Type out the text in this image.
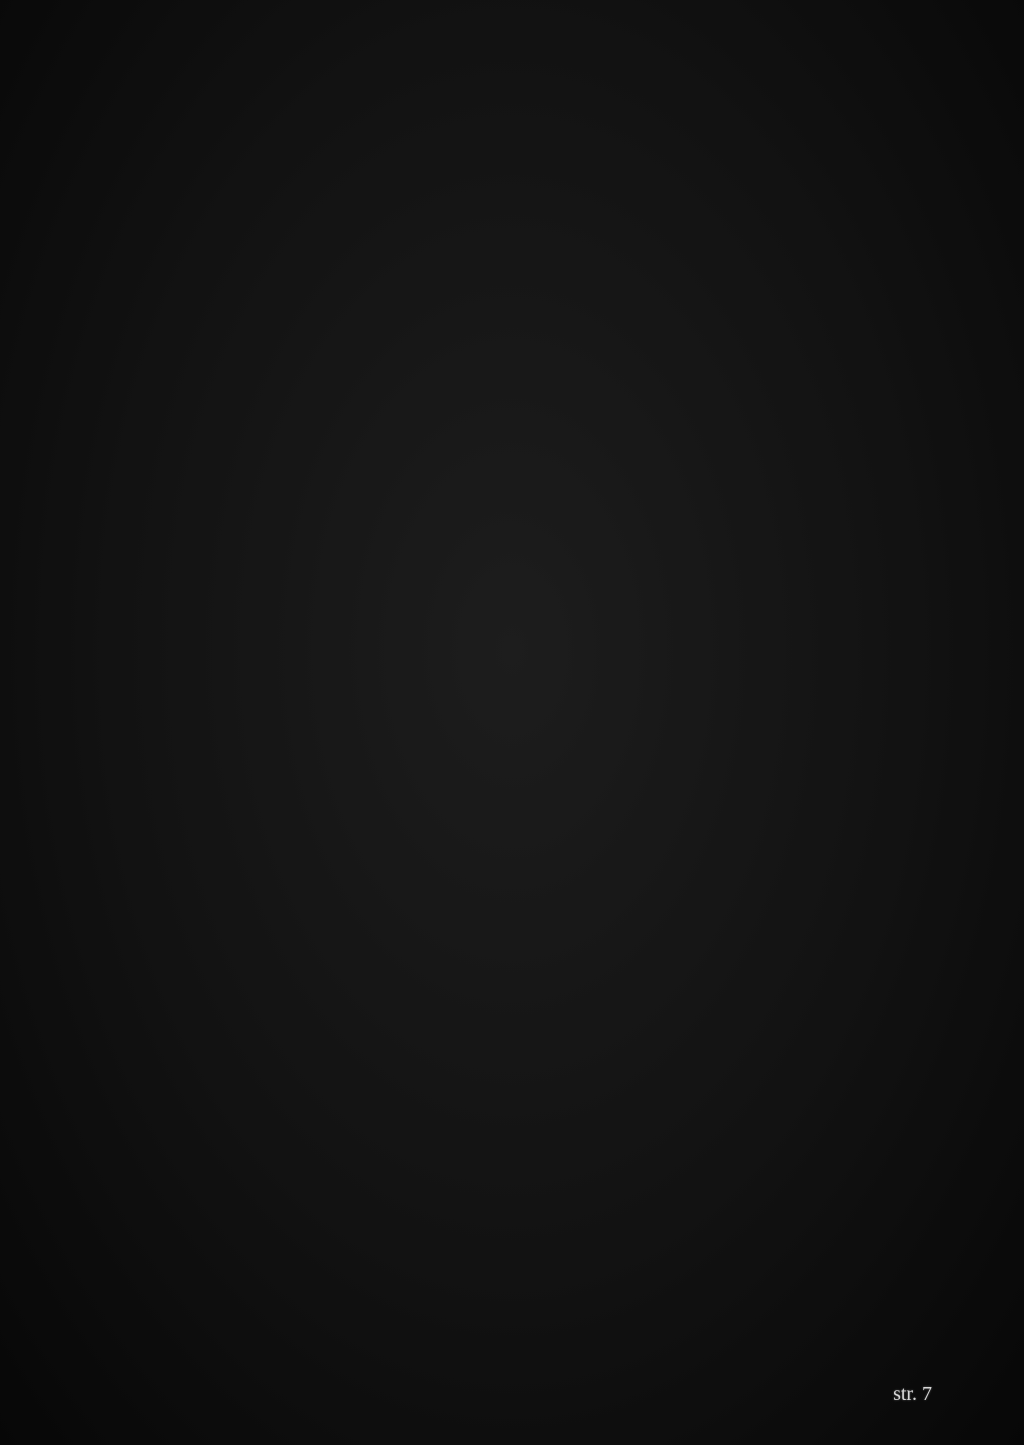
str. 7
